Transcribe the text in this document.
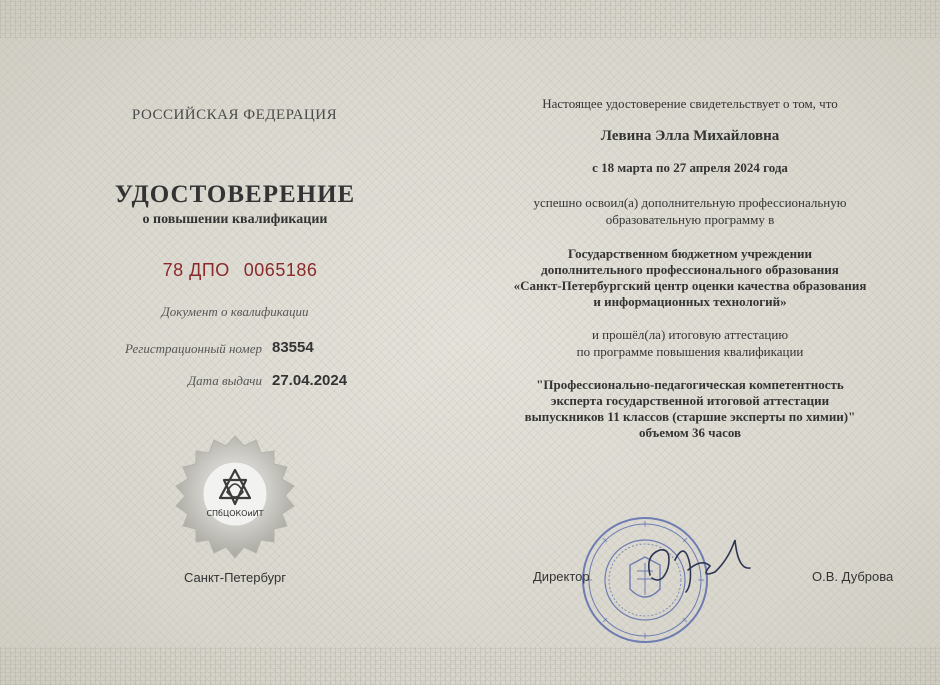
РОССИЙСКАЯ ФЕДЕРАЦИЯ
УДОСТОВЕРЕНИЕ
о повышении квалификации
78 ДПО 0065186
Документ о квалификации
Регистрационный номер 83554
Дата выдачи 27.04.2024
СПбЦОКОиИТ
Санкт-Петербург
Настоящее удостоверение свидетельствует о том, что
Левина Элла Михайловна
с 18 марта по 27 апреля 2024 года
успешно освоил(а) дополнительную профессиональную
образовательную программу в
Государственном бюджетном учреждении
дополнительного профессионального образования
«Санкт-Петербургский центр оценки качества образования
и информационных технологий»
и прошёл(ла) итоговую аттестацию
по программе повышения квалификации
"Профессионально-педагогическая компетентность
эксперта государственной итоговой аттестации
выпускников 11 классов (старшие эксперты по химии)"
объемом 36 часов
Директор	О.В. Дуброва
